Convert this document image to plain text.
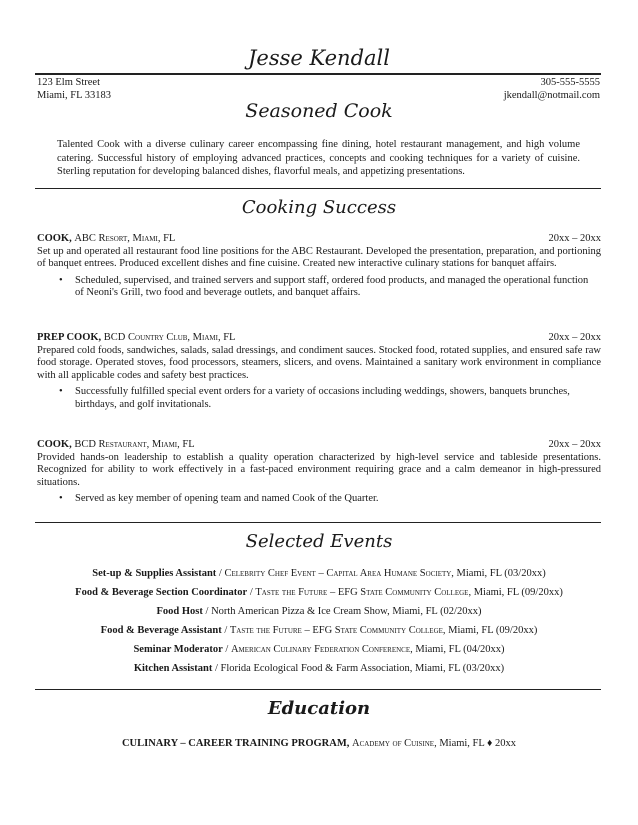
Jesse Kendall
123 Elm Street
Miami, FL 33183
305-555-5555
jkendall@notmail.com
Seasoned Cook
Talented Cook with a diverse culinary career encompassing fine dining, hotel restaurant management, and high volume catering. Successful history of employing advanced practices, concepts and cooking techniques for a variety of cuisine. Sterling reputation for developing balanced dishes, flavorful meals, and appetizing presentations.
Cooking Success
COOK, ABC Resort, Miami, FL	20xx – 20xx
Set up and operated all restaurant food line positions for the ABC Restaurant. Developed the presentation, preparation, and portioning of banquet entrees. Produced excellent dishes and fine cuisine. Created new interactive culinary stations for banquet affairs.
•	Scheduled, supervised, and trained servers and support staff, ordered food products, and managed the operational function of Neoni's Grill, two food and beverage outlets, and banquet affairs.
PREP COOK, BCD Country Club, Miami, FL	20xx – 20xx
Prepared cold foods, sandwiches, salads, salad dressings, and condiment sauces. Stocked food, rotated supplies, and ensured safe raw food storage. Operated stoves, food processors, steamers, slicers, and ovens. Maintained a sanitary work environment in compliance with all applicable codes and safety best practices.
•	Successfully fulfilled special event orders for a variety of occasions including weddings, showers, banquets brunches, birthdays, and golf invitationals.
COOK, BCD Restaurant, Miami, FL	20xx – 20xx
Provided hands-on leadership to establish a quality operation characterized by high-level service and tableside presentations. Recognized for ability to work effectively in a fast-paced environment requiring grace and a calm demeanor in high-pressured situations.
•	Served as key member of opening team and named Cook of the Quarter.
Selected Events
Set-up & Supplies Assistant / Celebrity Chef Event – Capital Area Humane Society, Miami, FL (03/20xx)
Food & Beverage Section Coordinator / Taste the Future – EFG State Community College, Miami, FL (09/20xx)
Food Host / North American Pizza & Ice Cream Show, Miami, FL (02/20xx)
Food & Beverage Assistant / Taste the Future – EFG State Community College, Miami, FL (09/20xx)
Seminar Moderator / American Culinary Federation Conference, Miami, FL (04/20xx)
Kitchen Assistant / Florida Ecological Food & Farm Association, Miami, FL (03/20xx)
Education
CULINARY – CAREER TRAINING PROGRAM, Academy of Cuisine, Miami, FL ♦ 20xx
